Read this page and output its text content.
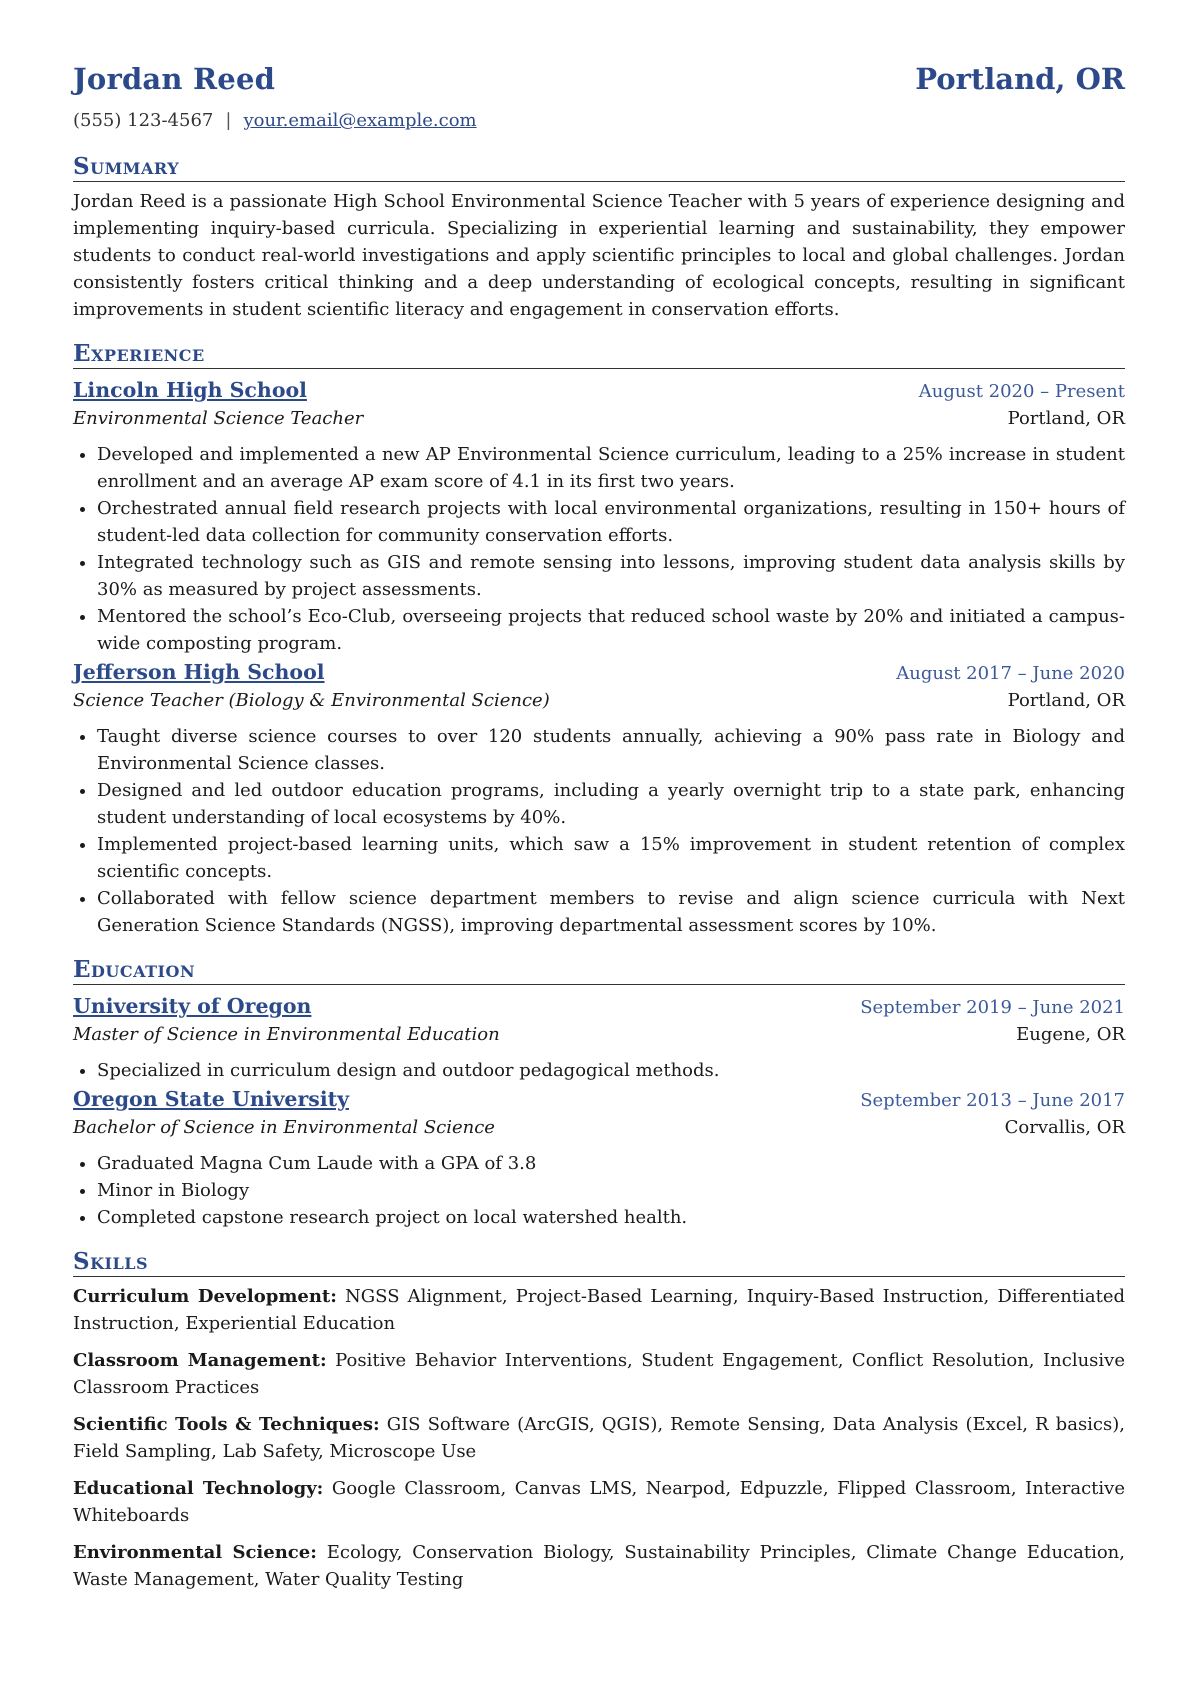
Jordan Reed	Portland, OR
(555) 123-4567 | your.email@example.com
Summary
Jordan Reed is a passionate High School Environmental Science Teacher with 5 years of experience designing and implementing inquiry-based curricula. Specializing in experiential learning and sustainability, they empower students to conduct real-world investigations and apply scientific principles to local and global challenges. Jordan consistently fosters critical thinking and a deep understanding of ecological concepts, resulting in significant improvements in student scientific literacy and engagement in conservation efforts.
Experience
Lincoln High School	August 2020 – Present
Environmental Science Teacher	Portland, OR
• Developed and implemented a new AP Environmental Science curriculum, leading to a 25% increase in student enrollment and an average AP exam score of 4.1 in its first two years.
• Orchestrated annual field research projects with local environmental organizations, resulting in 150+ hours of student-led data collection for community conservation efforts.
• Integrated technology such as GIS and remote sensing into lessons, improving student data analysis skills by 30% as measured by project assessments.
• Mentored the school’s Eco-Club, overseeing projects that reduced school waste by 20% and initiated a campus-wide composting program.
Jefferson High School	August 2017 – June 2020
Science Teacher (Biology & Environmental Science)	Portland, OR
• Taught diverse science courses to over 120 students annually, achieving a 90% pass rate in Biology and Environmental Science classes.
• Designed and led outdoor education programs, including a yearly overnight trip to a state park, enhancing student understanding of local ecosystems by 40%.
• Implemented project-based learning units, which saw a 15% improvement in student retention of complex scientific concepts.
• Collaborated with fellow science department members to revise and align science curricula with Next Generation Science Standards (NGSS), improving departmental assessment scores by 10%.
Education
University of Oregon	September 2019 – June 2021
Master of Science in Environmental Education	Eugene, OR
• Specialized in curriculum design and outdoor pedagogical methods.
Oregon State University	September 2013 – June 2017
Bachelor of Science in Environmental Science	Corvallis, OR
• Graduated Magna Cum Laude with a GPA of 3.8
• Minor in Biology
• Completed capstone research project on local watershed health.
Skills
Curriculum Development: NGSS Alignment, Project-Based Learning, Inquiry-Based Instruction, Differentiated Instruction, Experiential Education
Classroom Management: Positive Behavior Interventions, Student Engagement, Conflict Resolution, Inclusive Classroom Practices
Scientific Tools & Techniques: GIS Software (ArcGIS, QGIS), Remote Sensing, Data Analysis (Excel, R basics), Field Sampling, Lab Safety, Microscope Use
Educational Technology: Google Classroom, Canvas LMS, Nearpod, Edpuzzle, Flipped Classroom, Interactive Whiteboards
Environmental Science: Ecology, Conservation Biology, Sustainability Principles, Climate Change Education, Waste Management, Water Quality Testing
